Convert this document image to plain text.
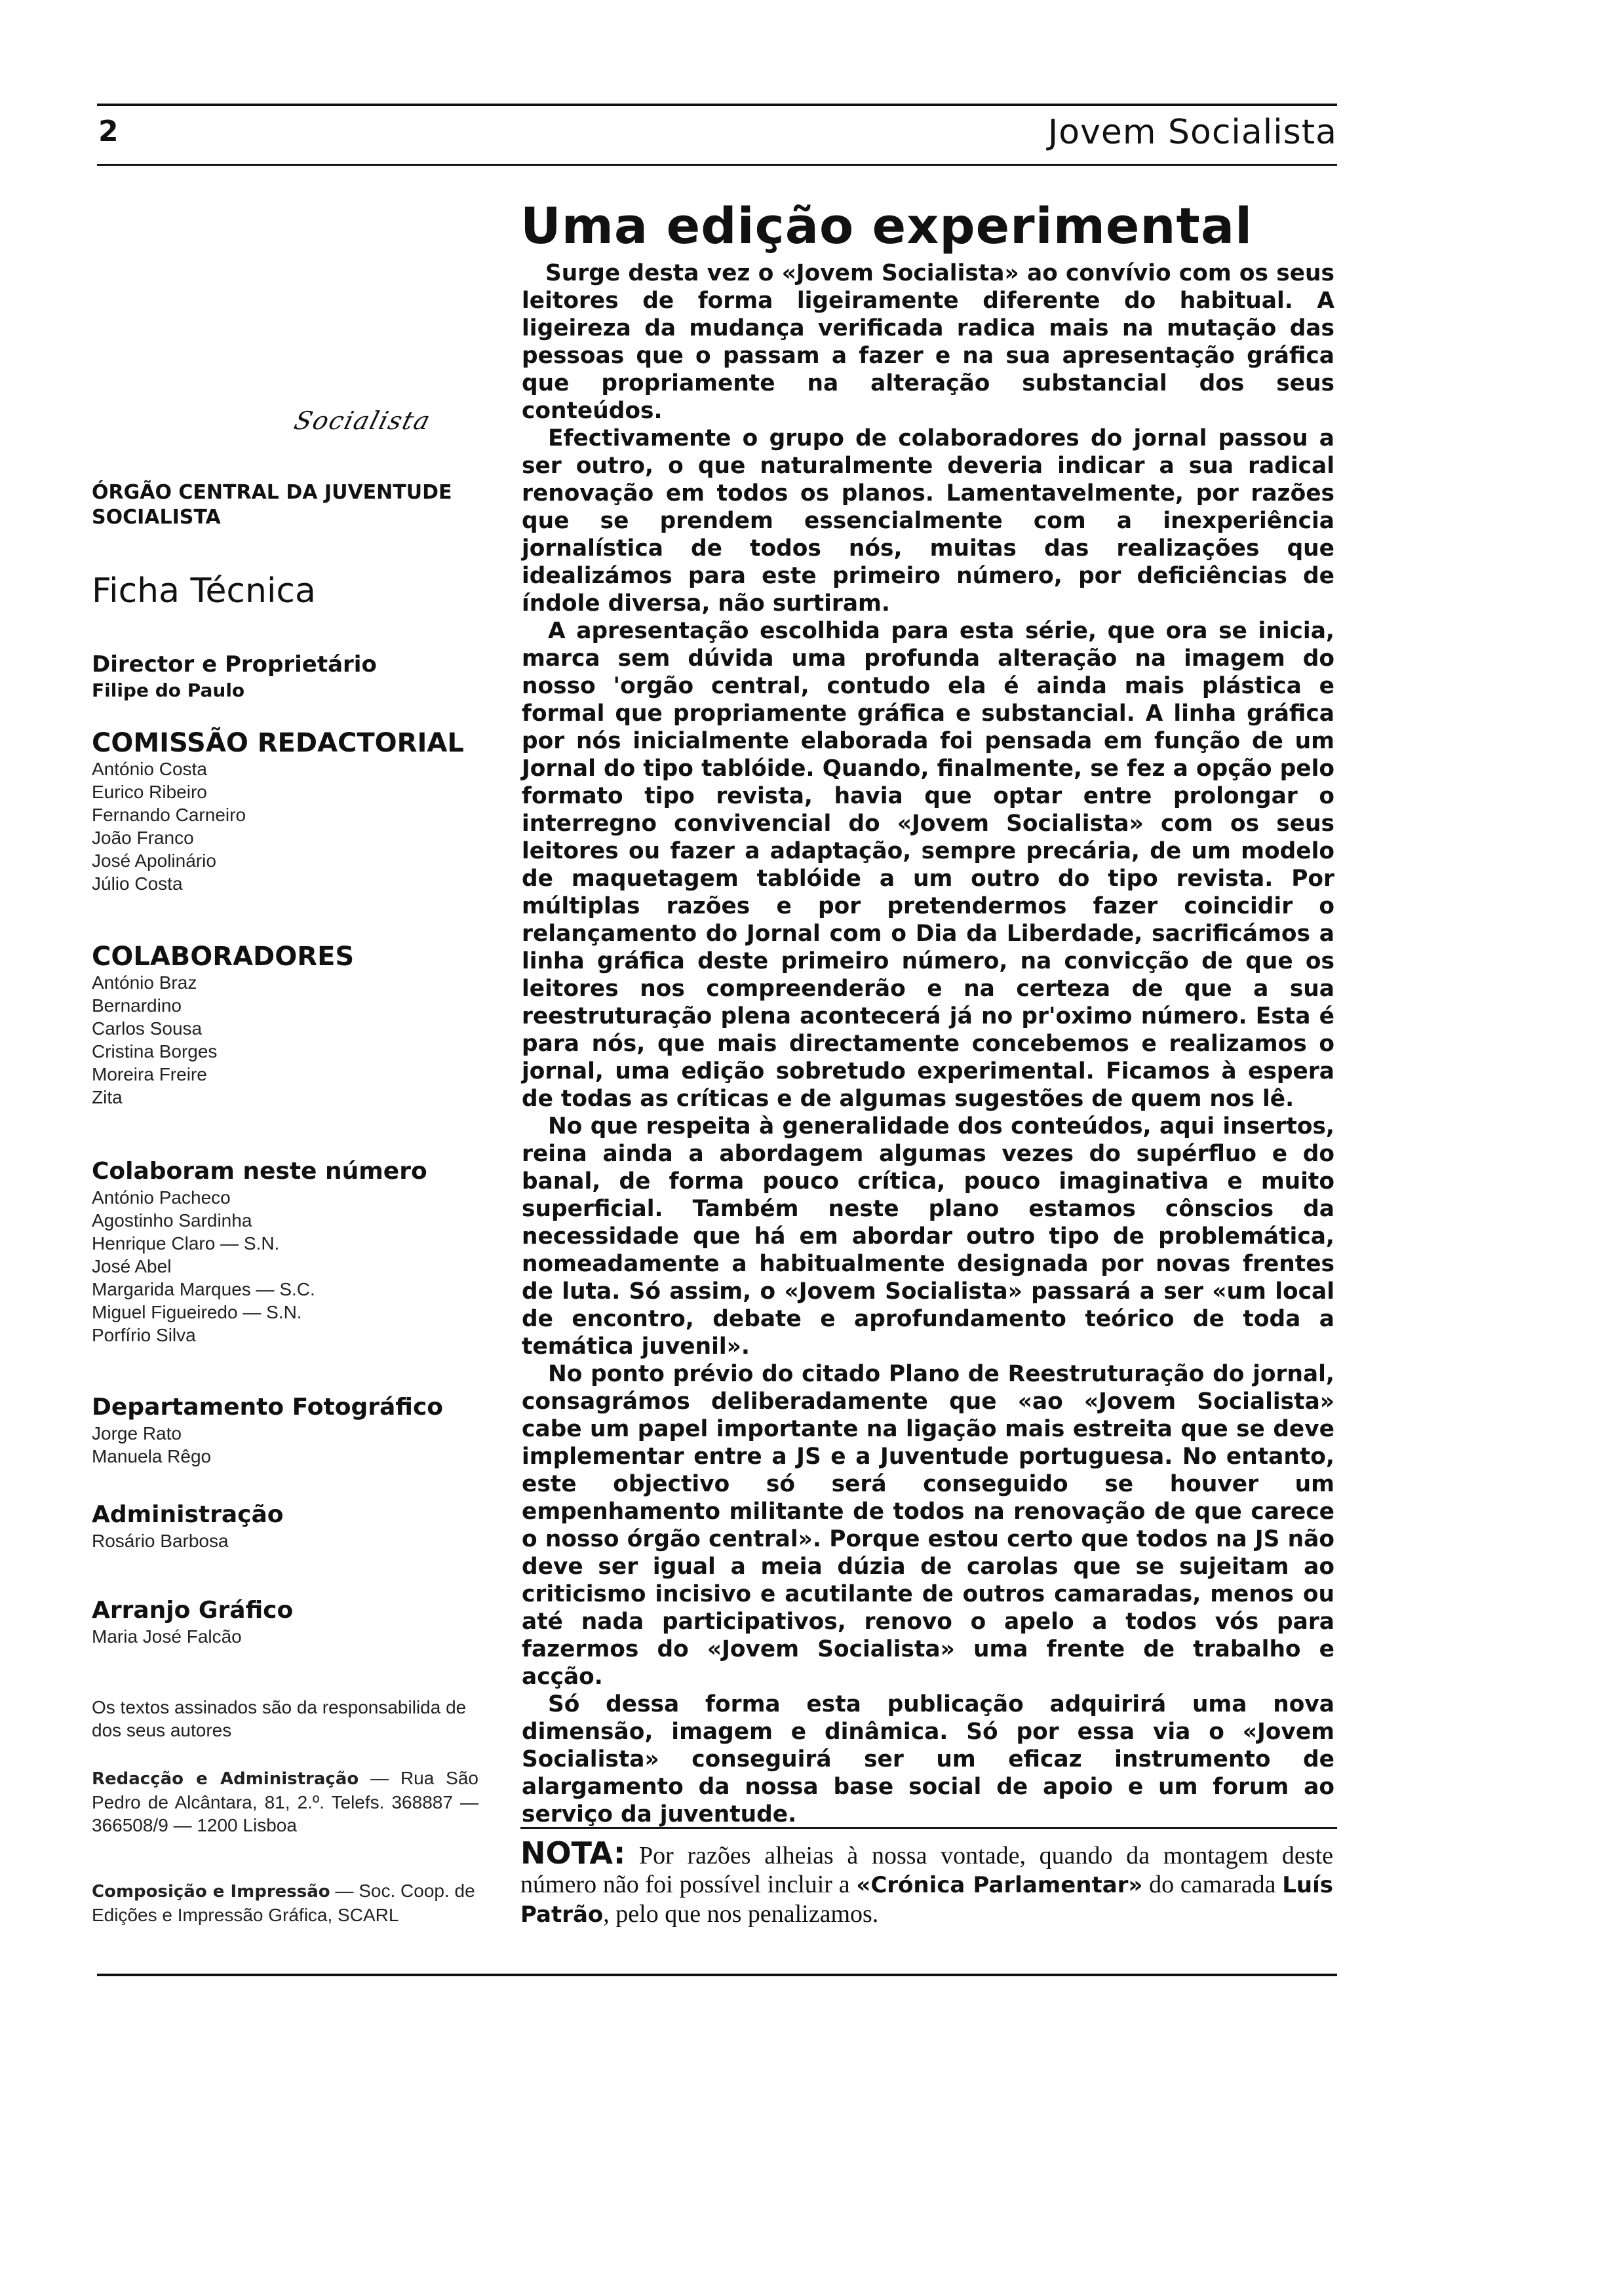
2	Jovem Socialista
Socialista
ÓRGÃO CENTRAL DA JUVENTUDE SOCIALISTA
Ficha Técnica

Director e Proprietário

Filipe do Paulo

COMISSÃO REDACTORIAL

António Costa

Eurico Ribeiro

Fernando Carneiro

João Franco

José Apolinário

Júlio Costa

COLABORADORES

António Braz

Bernardino

Carlos Sousa

Cristina Borges

Moreira Freire

Zita

Colaboram neste número

António Pacheco

Agostinho Sardinha

Henrique Claro — S.N.

José Abel

Margarida Marques — S.C.

Miguel Figueiredo — S.N.

Porfírio Silva

Departamento Fotográfico

Jorge Rato

Manuela Rêgo

Administração

Rosário Barbosa

Arranjo Gráfico

Maria José Falcão

Os textos assinados são da responsabilida de dos seus autores
Redacção e Administração — Rua São Pedro de Alcântara, 81, 2.º. Telefs. 368887 — 366508/9 — 1200 Lisboa
Composição e Impressão — Soc. Coop. de Edições e Impressão Gráfica, SCARL
Uma edição experimental

Surge desta vez o «Jovem Socialista» ao convívio com os seus leitores de forma ligeiramente diferente do habitual. A ligeireza da mudança verificada radica mais na mutação das pessoas que o passam a fazer e na sua apresentação gráfica que propriamente na alteração substancial dos seus conteúdos.

Efectivamente o grupo de colaboradores do jornal passou a ser outro, o que naturalmente deveria indicar a sua radical renovação em todos os planos. Lamentavelmente, por razões que se prendem essencialmente com a inexperiência jornalística de todos nós, muitas das realizações que idealizámos para este primeiro número, por deficiências de índole diversa, não surtiram.

A apresentação escolhida para esta série, que ora se inicia, marca sem dúvida uma profunda alteração na imagem do nosso 'orgão central, contudo ela é ainda mais plástica e formal que propriamente gráfica e substancial. A linha gráfica por nós inicialmente elaborada foi pensada em função de um Jornal do tipo tablóide. Quando, finalmente, se fez a opção pelo formato tipo revista, havia que optar entre prolongar o interregno convivencial do «Jovem Socialista» com os seus leitores ou fazer a adaptação, sempre precária, de um modelo de maquetagem tablóide a um outro do tipo revista. Por múltiplas razões e por pretendermos fazer coincidir o relançamento do Jornal com o Dia da Liberdade, sacrificámos a linha gráfica deste primeiro número, na convicção de que os leitores nos compreenderão e na certeza de que a sua reestruturação plena acontecerá já no pr'oximo número. Esta é para nós, que mais directamente concebemos e realizamos o jornal, uma edição sobretudo experimental. Ficamos à espera de todas as críticas e de algumas sugestões de quem nos lê.

No que respeita à generalidade dos conteúdos, aqui insertos, reina ainda a abordagem algumas vezes do supérfluo e do banal, de forma pouco crítica, pouco imaginativa e muito superficial. Também neste plano estamos cônscios da necessidade que há em abordar outro tipo de problemática, nomeadamente a habitualmente designada por novas frentes de luta. Só assim, o «Jovem Socialista» passará a ser «um local de encontro, debate e aprofundamento teórico de toda a temática juvenil».

No ponto prévio do citado Plano de Reestruturação do jornal, consagrámos deliberadamente que «ao «Jovem Socialista» cabe um papel importante na ligação mais estreita que se deve implementar entre a JS e a Juventude portuguesa. No entanto, este objectivo só será conseguido se houver um empenhamento militante de todos na renovação de que carece o nosso órgão central». Porque estou certo que todos na JS não deve ser igual a meia dúzia de carolas que se sujeitam ao criticismo incisivo e acutilante de outros camaradas, menos ou até nada participativos, renovo o apelo a todos vós para fazermos do «Jovem Socialista» uma frente de trabalho e acção.

Só dessa forma esta publicação adquirirá uma nova dimensão, imagem e dinâmica. Só por essa via o «Jovem Socialista» conseguirá ser um eficaz instrumento de alargamento da nossa base social de apoio e um forum ao serviço da juventude.

NOTA: Por razões alheias à nossa vontade, quando da montagem deste número não foi possível incluir a «Crónica Parlamentar» do camarada Luís Patrão, pelo que nos penalizamos.
